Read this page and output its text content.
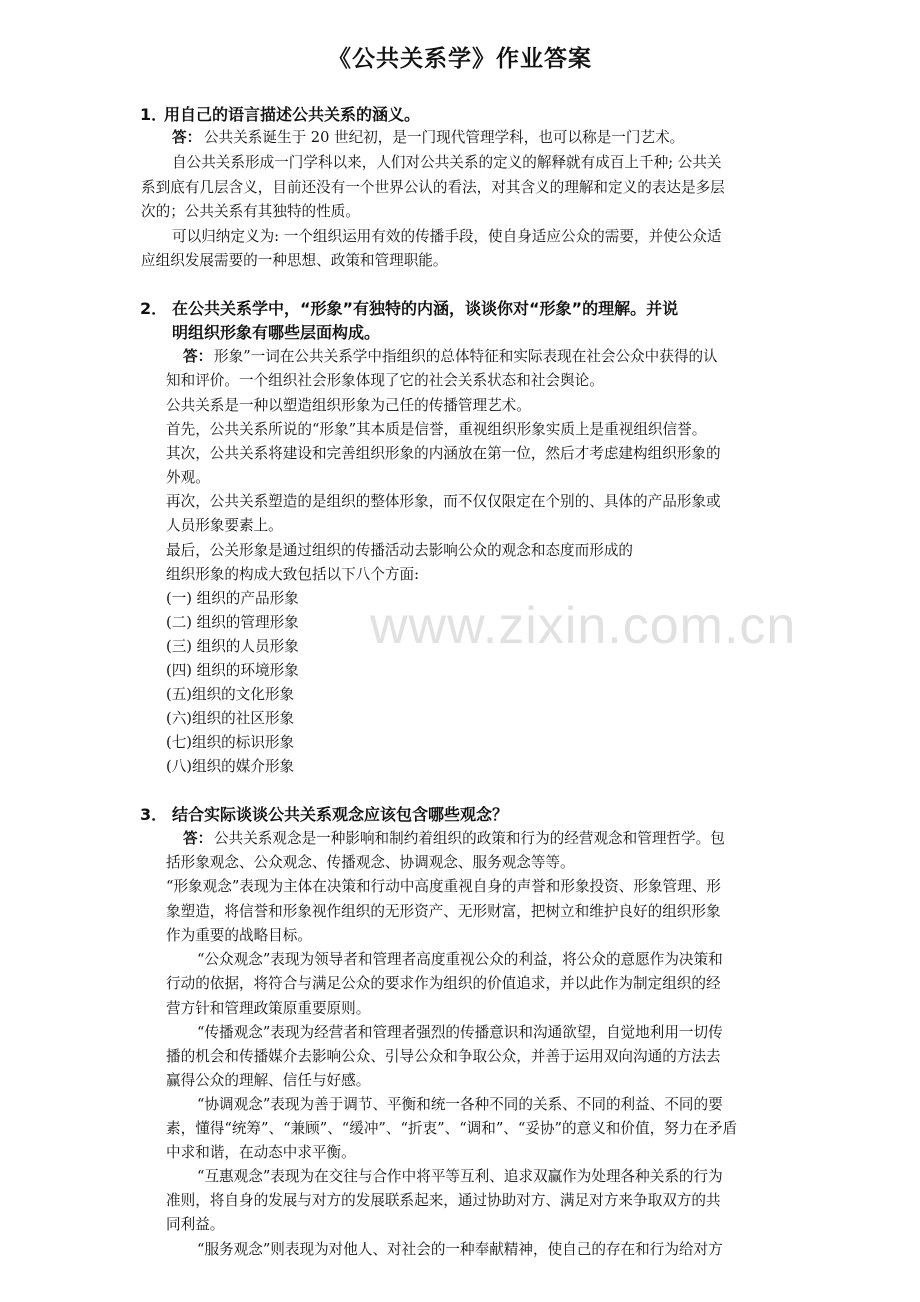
《公共关系学》作业答案
www.zixin.com.cn
1．
用自己的语言描述公共关系的涵义。
答： 公共关系诞生于 20 世纪初，是一门现代管理学科，也可以称是一门艺术。
自公共关系形成一门学科以来，人们对公共关系的定义的解释就有成百上千种; 公共关
系到底有几层含义，目前还没有一个世界公认的看法，对其含义的理解和定义的表达是多层
次的；公共关系有其独特的性质。
可以归纳定义为: 一个组织运用有效的传播手段，使自身适应公众的需要，并使公众适
应组织发展需要的一种思想、政策和管理职能。
2． 在公共关系学中，“形象”有独特的内涵，谈谈你对“形象”的理解。并说
明组织形象有哪些层面构成。
答： 形象”一词在公共关系学中指组织的总体特征和实际表现在社会公众中获得的认
知和评价。一个组织社会形象体现了它的社会关系状态和社会舆论。
公共关系是一种以塑造组织形象为己任的传播管理艺术。
首先，公共关系所说的“形象”其本质是信誉，重视组织形象实质上是重视组织信誉。
其次，公共关系将建设和完善组织形象的内涵放在第一位，然后才考虑建构组织形象的
外观。
再次，公共关系塑造的是组织的整体形象，而不仅仅限定在个别的、具体的产品形象或
人员形象要素上。
最后，公关形象是通过组织的传播活动去影响公众的观念和态度而形成的
组织形象的构成大致包括以下八个方面:
(一) 组织的产品形象
(二) 组织的管理形象
(三) 组织的人员形象
(四) 组织的环境形象
(五)组织的文化形象
(六)组织的社区形象
(七)组织的标识形象
(八)组织的媒介形象
3． 结合实际谈谈公共关系观念应该包含哪些观念？
答： 公共关系观念是一种影响和制约着组织的政策和行为的经营观念和管理哲学。包
括形象观念、公众观念、传播观念、协调观念、服务观念等等。
“形象观念”表现为主体在决策和行动中高度重视自身的声誉和形象投资、形象管理、形
象塑造，将信誉和形象视作组织的无形资产、无形财富，把树立和维护良好的组织形象
作为重要的战略目标。
“公众观念”表现为领导者和管理者高度重视公众的利益，将公众的意愿作为决策和
行动的依据，将符合与满足公众的要求作为组织的价值追求，并以此作为制定组织的经
营方针和管理政策原重要原则。
“传播观念”表现为经营者和管理者强烈的传播意识和沟通欲望，自觉地利用一切传
播的机会和传播媒介去影响公众、引导公众和争取公众，并善于运用双向沟通的方法去
赢得公众的理解、信任与好感。
“协调观念”表现为善于调节、平衡和统一各种不同的关系、不同的利益、不同的要
素，懂得“统筹”、“兼顾”、“缓冲”、“折衷”、“调和”、“妥协”的意义和价值，努力在矛盾
中求和谐，在动态中求平衡。
“互惠观念”表现为在交往与合作中将平等互利、追求双赢作为处理各种关系的行为
准则，将自身的发展与对方的发展联系起来，通过协助对方、满足对方来争取双方的共
同利益。
“服务观念”则表现为对他人、对社会的一种奉献精神，使自己的存在和行为给对方
